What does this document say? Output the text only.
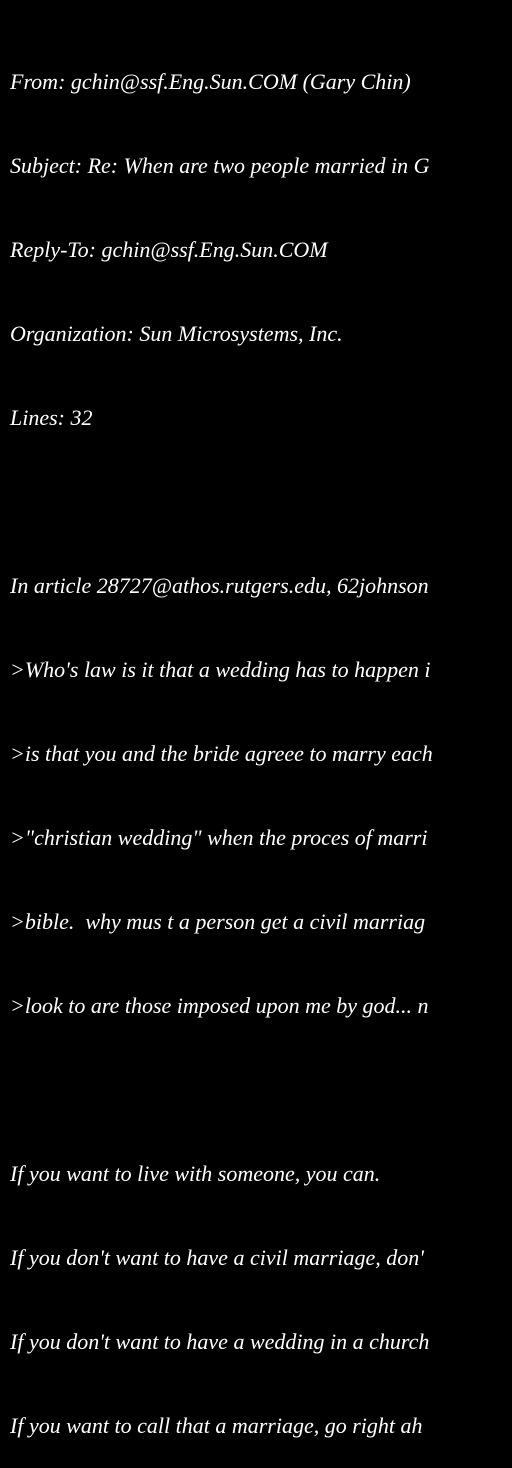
From: gchin@ssf.Eng.Sun.COM (Gary Chin)

Subject: Re: When are two people married in G

Reply-To: gchin@ssf.Eng.Sun.COM

Organization: Sun Microsystems, Inc.

Lines: 32

In article 28727@athos.rutgers.edu, 62johnson

>Who's law is it that a wedding has to happen i

>is that you and the bride agreee to marry each

>"christian wedding" when the proces of marri

>bible.  why mus t a person get a civil marriag

>look to are those imposed upon me by god... n

If you want to live with someone, you can.

If you don't want to have a civil marriage, don'

If you don't want to have a wedding in a church

If you want to call that a marriage, go right ah
